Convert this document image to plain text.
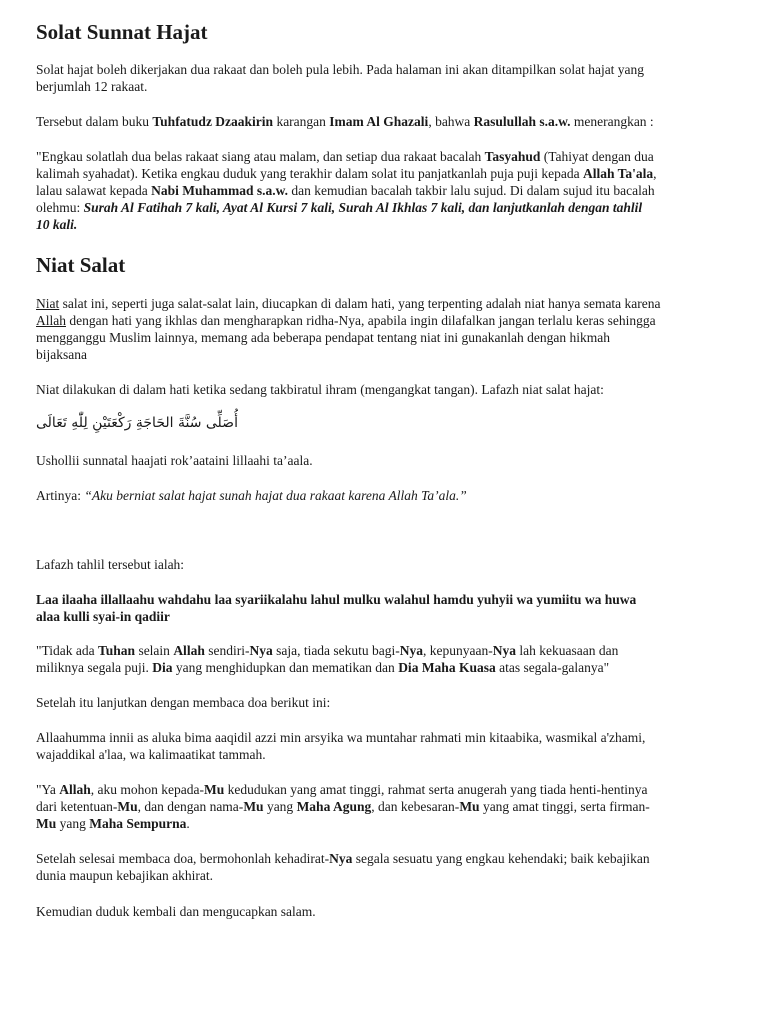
Solat Sunnat Hajat

Solat hajat boleh dikerjakan dua rakaat dan boleh pula lebih. Pada halaman ini akan ditampilkan solat hajat yang

berjumlah 12 rakaat.

Tersebut dalam buku Tuhfatudz Dzaakirin karangan Imam Al Ghazali, bahwa Rasulullah s.a.w. menerangkan :

"Engkau solatlah dua belas rakaat siang atau malam, dan setiap dua rakaat bacalah Tasyahud (Tahiyat dengan dua

kalimah syahadat). Ketika engkau duduk yang terakhir dalam solat itu panjatkanlah puja puji kepada Allah Ta'ala,

lalau salawat kepada Nabi Muhammad s.a.w. dan kemudian bacalah takbir lalu sujud. Di dalam sujud itu bacalah

olehmu: Surah Al Fatihah 7 kali, Ayat Al Kursi 7 kali, Surah Al Ikhlas 7 kali, dan lanjutkanlah dengan tahlil

10 kali.

Niat Salat

Niat salat ini, seperti juga salat-salat lain, diucapkan di dalam hati, yang terpenting adalah niat hanya semata karena

Allah dengan hati yang ikhlas dan mengharapkan ridha-Nya, apabila ingin dilafalkan jangan terlalu keras sehingga

mengganggu Muslim lainnya, memang ada beberapa pendapat tentang niat ini gunakanlah dengan hikmah

bijaksana

Niat dilakukan di dalam hati ketika sedang takbiratul ihram (mengangkat tangan). Lafazh niat salat hajat:

أُصَلِّى سُنَّةَ الحَاجَةِ رَكْعَتَيْنِ لِلّٰهِ تَعَالَى

Ushollii sunnatal haajati rok’aataini lillaahi ta’aala.

Artinya: “Aku berniat salat hajat sunah hajat dua rakaat karena Allah Ta’ala.”

Lafazh tahlil tersebut ialah:

Laa ilaaha illallaahu wahdahu laa syariikalahu lahul mulku walahul hamdu yuhyii wa yumiitu wa huwa

alaa kulli syai-in qadiir

"Tidak ada Tuhan selain Allah sendiri-Nya saja, tiada sekutu bagi-Nya, kepunyaan-Nya lah kekuasaan dan

miliknya segala puji. Dia yang menghidupkan dan mematikan dan Dia Maha Kuasa atas segala-galanya"

Setelah itu lanjutkan dengan membaca doa berikut ini:

Allaahumma innii as aluka bima aaqidil azzi min arsyika wa muntahar rahmati min kitaabika, wasmikal a'zhami,

wajaddikal a'laa, wa kalimaatikat tammah.

"Ya Allah, aku mohon kepada-Mu kedudukan yang amat tinggi, rahmat serta anugerah yang tiada henti-hentinya

dari ketentuan-Mu, dan dengan nama-Mu yang Maha Agung, dan kebesaran-Mu yang amat tinggi, serta firman-

Mu yang Maha Sempurna.

Setelah selesai membaca doa, bermohonlah kehadirat-Nya segala sesuatu yang engkau kehendaki; baik kebajikan

dunia maupun kebajikan akhirat.

Kemudian duduk kembali dan mengucapkan salam.
